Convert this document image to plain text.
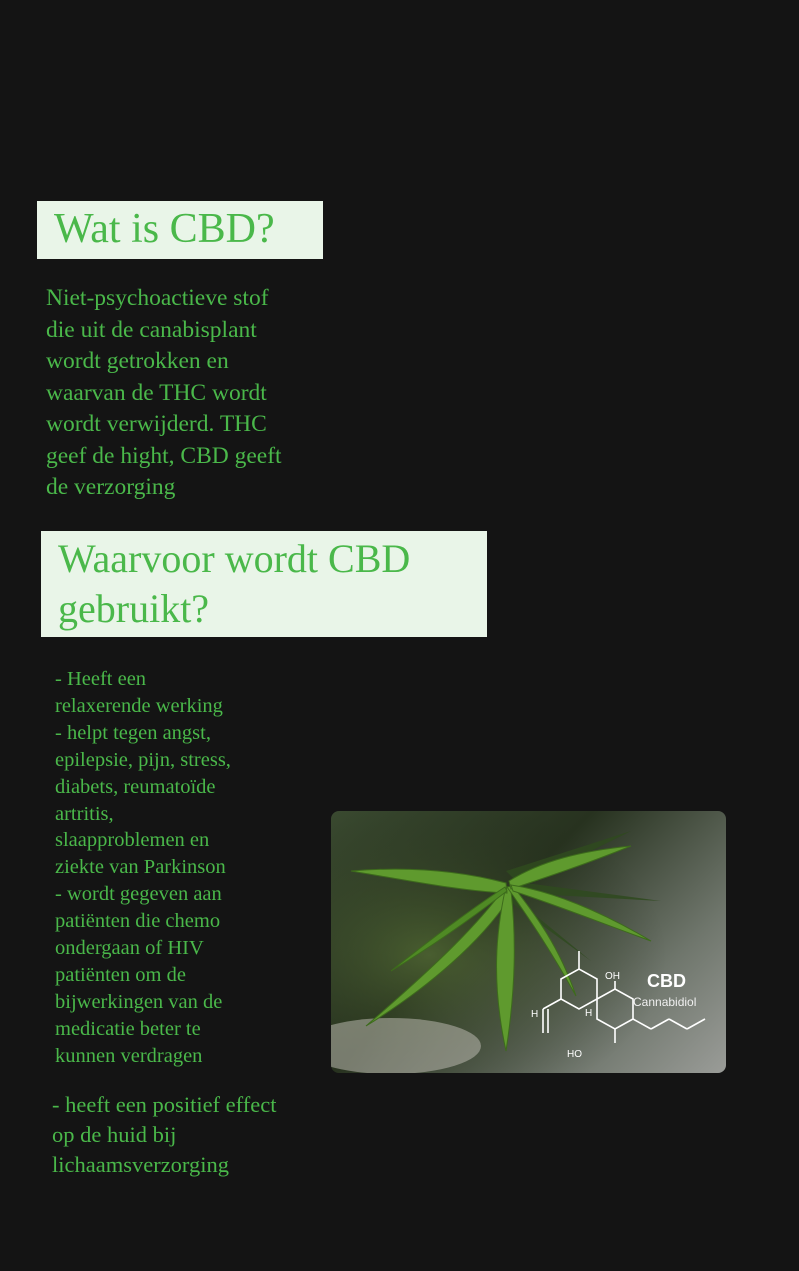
Wat is CBD?

Niet-psychoactieve stof
die uit de canabisplant
wordt getrokken en
waarvan de THC wordt
wordt verwijderd. THC
geef de hight, CBD geeft
de verzorging

Waarvoor wordt CBD
gebruikt?

- Heeft een
relaxerende werking
- helpt tegen angst,
epilepsie, pijn, stress,
diabets, reumatoïde
artritis,
slaapproblemen en
ziekte van Parkinson
- wordt gegeven aan
patiënten die chemo
ondergaan of HIV
patiënten om de
bijwerkingen van de
medicatie beter te
kunnen verdragen

- heeft een positief effect
op de huid bij
lichaamsverzorging

H	H
OH
HO
CBD
Cannabidiol
